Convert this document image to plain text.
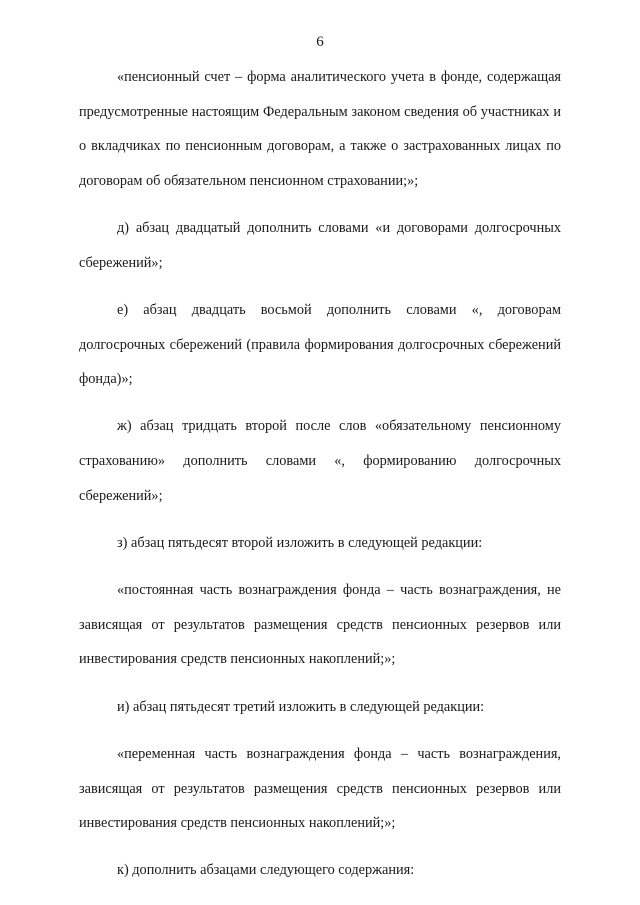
6

«пенсионный счет – форма аналитического учета в фонде, содержащая предусмотренные настоящим Федеральным законом сведения об участниках и о вкладчиках по пенсионным договорам, а также о застрахованных лицах по договорам об обязательном пенсионном страховании;»;

д) абзац двадцатый дополнить словами «и договорами долгосрочных сбережений»;

е) абзац двадцать восьмой дополнить словами «, договорам долгосрочных сбережений (правила формирования долгосрочных сбережений фонда)»;

ж) абзац тридцать второй после слов «обязательному пенсионному страхованию» дополнить словами «, формированию долгосрочных сбережений»;

з) абзац пятьдесят второй изложить в следующей редакции:

«постоянная часть вознаграждения фонда – часть вознаграждения, не зависящая от результатов размещения средств пенсионных резервов или инвестирования средств пенсионных накоплений;»;

и) абзац пятьдесят третий изложить в следующей редакции:

«переменная часть вознаграждения фонда – часть вознаграждения, зависящая от результатов размещения средств пенсионных резервов или инвестирования средств пенсионных накоплений;»;

к) дополнить абзацами следующего содержания:
